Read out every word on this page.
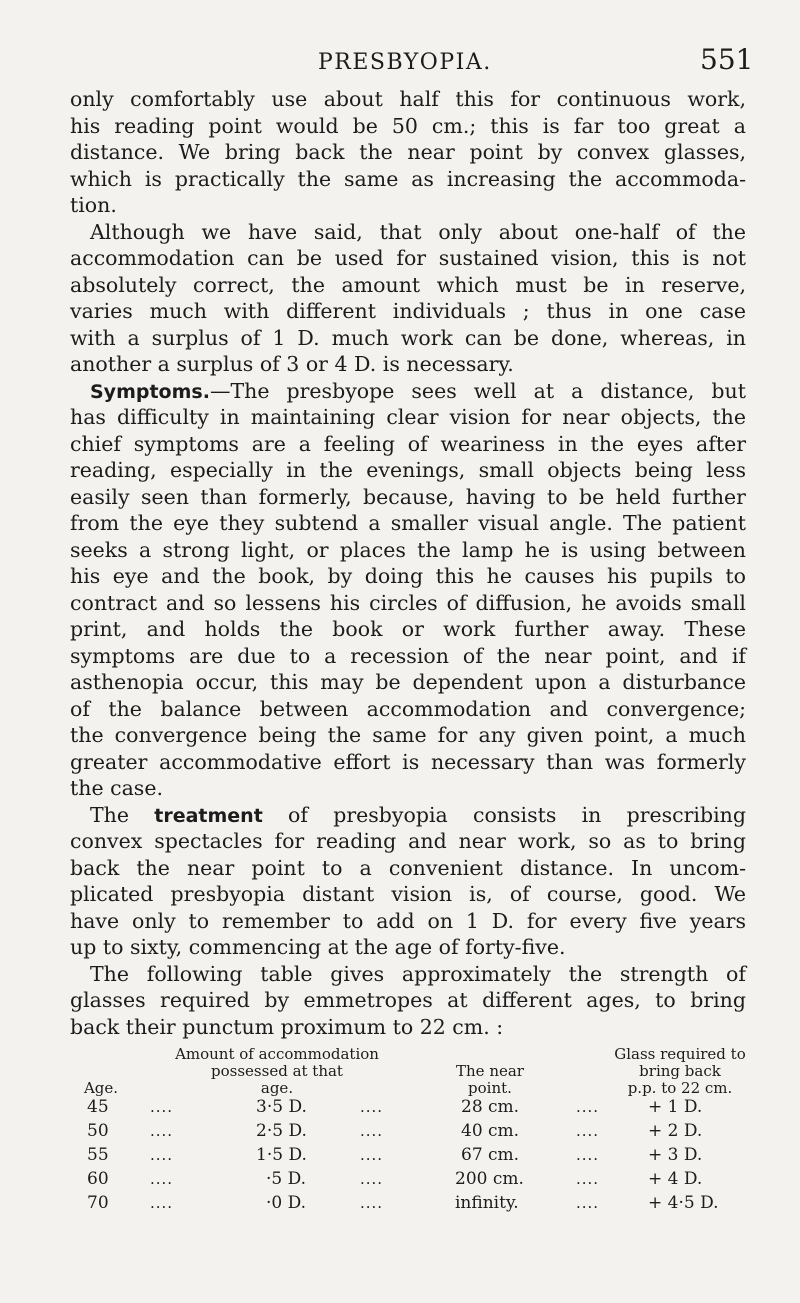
PRESBYOPIA.	551
only comfortably use about half this for continuous work,
his reading point would be 50 cm.; this is far too great a
distance. We bring back the near point by convex glasses,
which is practically the same as increasing the accommoda-
tion.
Although we have said, that only about one-half of the
accommodation can be used for sustained vision, this is not
absolutely correct, the amount which must be in reserve,
varies much with different individuals ; thus in one case
with a surplus of 1 D. much work can be done, whereas, in
another a surplus of 3 or 4 D. is necessary.
Symptoms.—The presbyope sees well at a distance, but
has difficulty in maintaining clear vision for near objects, the
chief symptoms are a feeling of weariness in the eyes after
reading, especially in the evenings, small objects being less
easily seen than formerly, because, having to be held further
from the eye they subtend a smaller visual angle. The patient
seeks a strong light, or places the lamp he is using between
his eye and the book, by doing this he causes his pupils to
contract and so lessens his circles of diffusion, he avoids small
print, and holds the book or work further away. These
symptoms are due to a recession of the near point, and if
asthenopia occur, this may be dependent upon a disturbance
of the balance between accommodation and convergence;
the convergence being the same for any given point, a much
greater accommodative effort is necessary than was formerly
the case.
The treatment of presbyopia consists in prescribing
convex spectacles for reading and near work, so as to bring
back the near point to a convenient distance. In uncom-
plicated presbyopia distant vision is, of course, good. We
have only to remember to add on 1 D. for every five years
up to sixty, commencing at the age of forty-five.
The following table gives approximately the strength of
glasses required by emmetropes at different ages, to bring
back their punctum proximum to 22 cm. :
Age.
Amount of accommodation
possessed at that
age.
The near
point.
Glass required to
bring back
p.p. to 22 cm.
45	....	3·5 D.	....	28 cm.	....	+ 1 D.
50	....	2·5 D.	....	40 cm.	....	+ 2 D.
55	....	1·5 D.	....	67 cm.	....	+ 3 D.
60	....	·5 D.	....	200 cm.	....	+ 4 D.
70	....	·0 D.	....	infinity.	....	+ 4·5 D.
